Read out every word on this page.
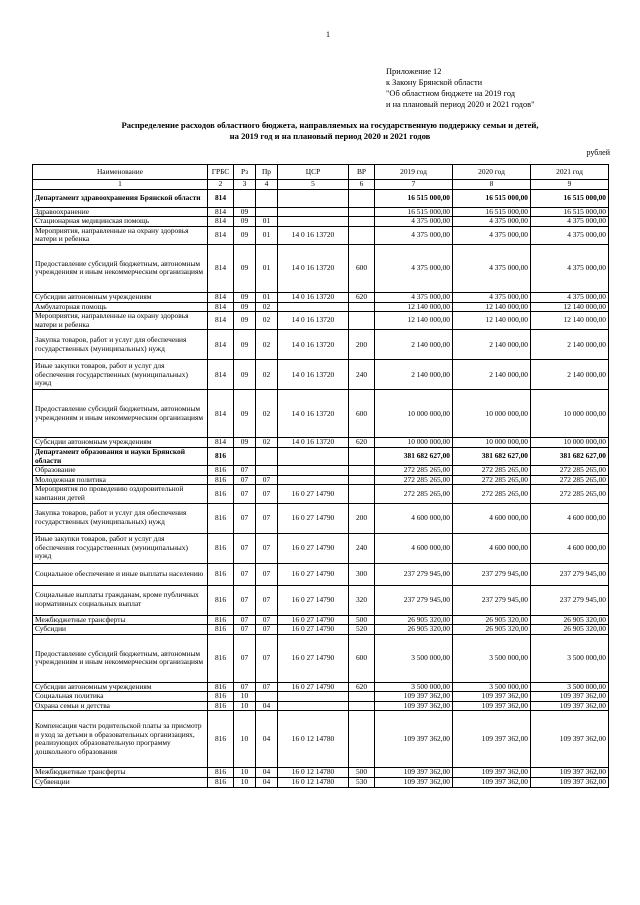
1
Приложение 12
к Закону Брянской области
"Об областном бюджете на 2019 год
и на плановый период 2020 и 2021 годов"
Распределение расходов областного бюджета, направляемых на государственную поддержку семьи и детей,
на 2019 год и на плановый период 2020 и 2021 годов
рублей
Наименование	ГРБС	Рз	Пр	ЦСР	ВР	2019 год	2020 год	2021 год
1	2	3	4	5	6	7	8	9
Департамент здравоохранения Брянской области	814					16 515 000,00	16 515 000,00	16 515 000,00
Здравоохранение	814	09				16 515 000,00	16 515 000,00	16 515 000,00
Стационарная медицинская помощь	814	09	01			4 375 000,00	4 375 000,00	4 375 000,00
Мероприятия, направленные на охрану здоровья матери и ребенка	814	09	01	14 0 16 13720		4 375 000,00	4 375 000,00	4 375 000,00
Предоставление субсидий бюджетным, автономным учреждениям и иным некоммерческим организациям	814	09	01	14 0 16 13720	600	4 375 000,00	4 375 000,00	4 375 000,00
Субсидии автономным учреждениям	814	09	01	14 0 16 13720	620	4 375 000,00	4 375 000,00	4 375 000,00
Амбулаторная помощь	814	09	02			12 140 000,00	12 140 000,00	12 140 000,00
Мероприятия, направленные на охрану здоровья матери и ребенка	814	09	02	14 0 16 13720		12 140 000,00	12 140 000,00	12 140 000,00
Закупка товаров, работ и услуг для обеспечения государственных (муниципальных) нужд	814	09	02	14 0 16 13720	200	2 140 000,00	2 140 000,00	2 140 000,00
Иные закупки товаров, работ и услуг для обеспечения государственных (муниципальных) нужд	814	09	02	14 0 16 13720	240	2 140 000,00	2 140 000,00	2 140 000,00
Предоставление субсидий бюджетным, автономным учреждениям и иным некоммерческим организациям	814	09	02	14 0 16 13720	600	10 000 000,00	10 000 000,00	10 000 000,00
Субсидии автономным учреждениям	814	09	02	14 0 16 13720	620	10 000 000,00	10 000 000,00	10 000 000,00
Департамент образования и науки Брянской области	816					381 682 627,00	381 682 627,00	381 682 627,00
Образование	816	07				272 285 265,00	272 285 265,00	272 285 265,00
Молодежная политика	816	07	07			272 285 265,00	272 285 265,00	272 285 265,00
Мероприятия по проведению оздоровительной кампании детей	816	07	07	16 0 27 14790		272 285 265,00	272 285 265,00	272 285 265,00
Закупка товаров, работ и услуг для обеспечения государственных (муниципальных) нужд	816	07	07	16 0 27 14790	200	4 600 000,00	4 600 000,00	4 600 000,00
Иные закупки товаров, работ и услуг для обеспечения государственных (муниципальных) нужд	816	07	07	16 0 27 14790	240	4 600 000,00	4 600 000,00	4 600 000,00
Социальное обеспечение и иные выплаты населению	816	07	07	16 0 27 14790	300	237 279 945,00	237 279 945,00	237 279 945,00
Социальные выплаты гражданам, кроме публичных нормативных социальных выплат	816	07	07	16 0 27 14790	320	237 279 945,00	237 279 945,00	237 279 945,00
Межбюджетные трансферты	816	07	07	16 0 27 14790	500	26 905 320,00	26 905 320,00	26 905 320,00
Субсидии	816	07	07	16 0 27 14790	520	26 905 320,00	26 905 320,00	26 905 320,00
Предоставление субсидий бюджетным, автономным учреждениям и иным некоммерческим организациям	816	07	07	16 0 27 14790	600	3 500 000,00	3 500 000,00	3 500 000,00
Субсидии автономным учреждениям	816	07	07	16 0 27 14790	620	3 500 000,00	3 500 000,00	3 500 000,00
Социальная политика	816	10				109 397 362,00	109 397 362,00	109 397 362,00
Охрана семьи и детства	816	10	04			109 397 362,00	109 397 362,00	109 397 362,00
Компенсация части родительской платы за присмотр и уход за детьми в образовательных организациях, реализующих образовательную программу дошкольного образования	816	10	04	16 0 12 14780		109 397 362,00	109 397 362,00	109 397 362,00
Межбюджетные трансферты	816	10	04	16 0 12 14780	500	109 397 362,00	109 397 362,00	109 397 362,00
Субвенции	816	10	04	16 0 12 14780	530	109 397 362,00	109 397 362,00	109 397 362,00
